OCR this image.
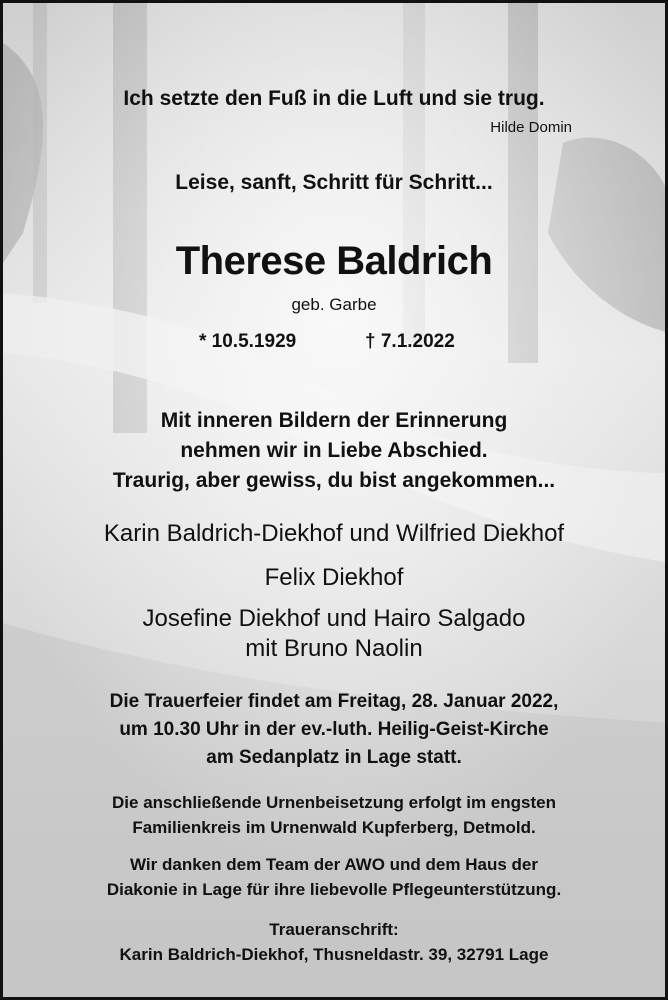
Ich setzte den Fuß in die Luft und sie trug.
Hilde Domin
Leise, sanft, Schritt für Schritt...
Therese Baldrich
geb. Garbe
* 10.5.1929	† 7.1.2022
Mit inneren Bildern der Erinnerung
nehmen wir in Liebe Abschied.
Traurig, aber gewiss, du bist angekommen...
Karin Baldrich-Diekhof und Wilfried Diekhof
Felix Diekhof
Josefine Diekhof und Hairo Salgado
mit Bruno Naolin
Die Trauerfeier findet am Freitag, 28. Januar 2022,
um 10.30 Uhr in der ev.-luth. Heilig-Geist-Kirche
am Sedanplatz in Lage statt.
Die anschließende Urnenbeisetzung erfolgt im engsten
Familienkreis im Urnenwald Kupferberg, Detmold.
Wir danken dem Team der AWO und dem Haus der
Diakonie in Lage für ihre liebevolle Pflegeunterstützung.
Traueranschrift:
Karin Baldrich-Diekhof, Thusneldastr. 39, 32791 Lage
